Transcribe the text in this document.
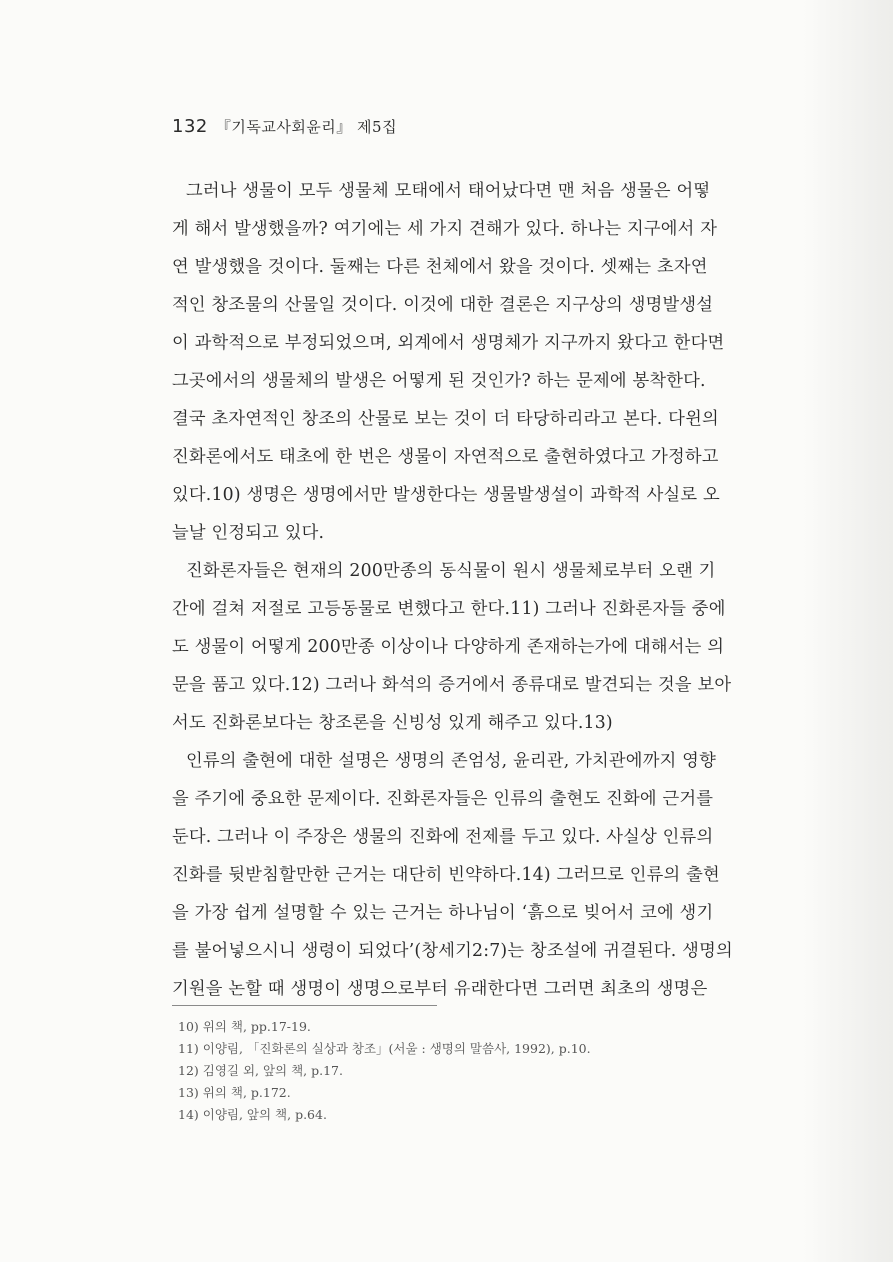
132 『기독교사회윤리』 제5집
그러나 생물이 모두 생물체 모태에서 태어났다면 맨 처음 생물은 어떻
게 해서 발생했을까? 여기에는 세 가지 견해가 있다. 하나는 지구에서 자
연 발생했을 것이다. 둘째는 다른 천체에서 왔을 것이다. 셋째는 초자연
적인 창조물의 산물일 것이다. 이것에 대한 결론은 지구상의 생명발생설
이 과학적으로 부정되었으며, 외계에서 생명체가 지구까지 왔다고 한다면
그곳에서의 생물체의 발생은 어떻게 된 것인가? 하는 문제에 봉착한다.
결국 초자연적인 창조의 산물로 보는 것이 더 타당하리라고 본다. 다윈의
진화론에서도 태초에 한 번은 생물이 자연적으로 출현하였다고 가정하고
있다.10) 생명은 생명에서만 발생한다는 생물발생설이 과학적 사실로 오
늘날 인정되고 있다.
진화론자들은 현재의 200만종의 동식물이 원시 생물체로부터 오랜 기
간에 걸쳐 저절로 고등동물로 변했다고 한다.11) 그러나 진화론자들 중에
도 생물이 어떻게 200만종 이상이나 다양하게 존재하는가에 대해서는 의
문을 품고 있다.12) 그러나 화석의 증거에서 종류대로 발견되는 것을 보아
서도 진화론보다는 창조론을 신빙성 있게 해주고 있다.13)
인류의 출현에 대한 설명은 생명의 존엄성, 윤리관, 가치관에까지 영향
을 주기에 중요한 문제이다. 진화론자들은 인류의 출현도 진화에 근거를
둔다. 그러나 이 주장은 생물의 진화에 전제를 두고 있다. 사실상 인류의
진화를 뒷받침할만한 근거는 대단히 빈약하다.14) 그러므로 인류의 출현
을 가장 쉽게 설명할 수 있는 근거는 하나님이 ‘흙으로 빚어서 코에 생기
를 불어넣으시니 생령이 되었다’(창세기2:7)는 창조설에 귀결된다. 생명의
기원을 논할 때 생명이 생명으로부터 유래한다면 그러면 최초의 생명은
10) 위의 책, pp.17-19.
11) 이양림, 「진화론의 실상과 창조」(서울 : 생명의 말씀사, 1992), p.10.
12) 김영길 외, 앞의 책, p.17.
13) 위의 책, p.172.
14) 이양림, 앞의 책, p.64.
